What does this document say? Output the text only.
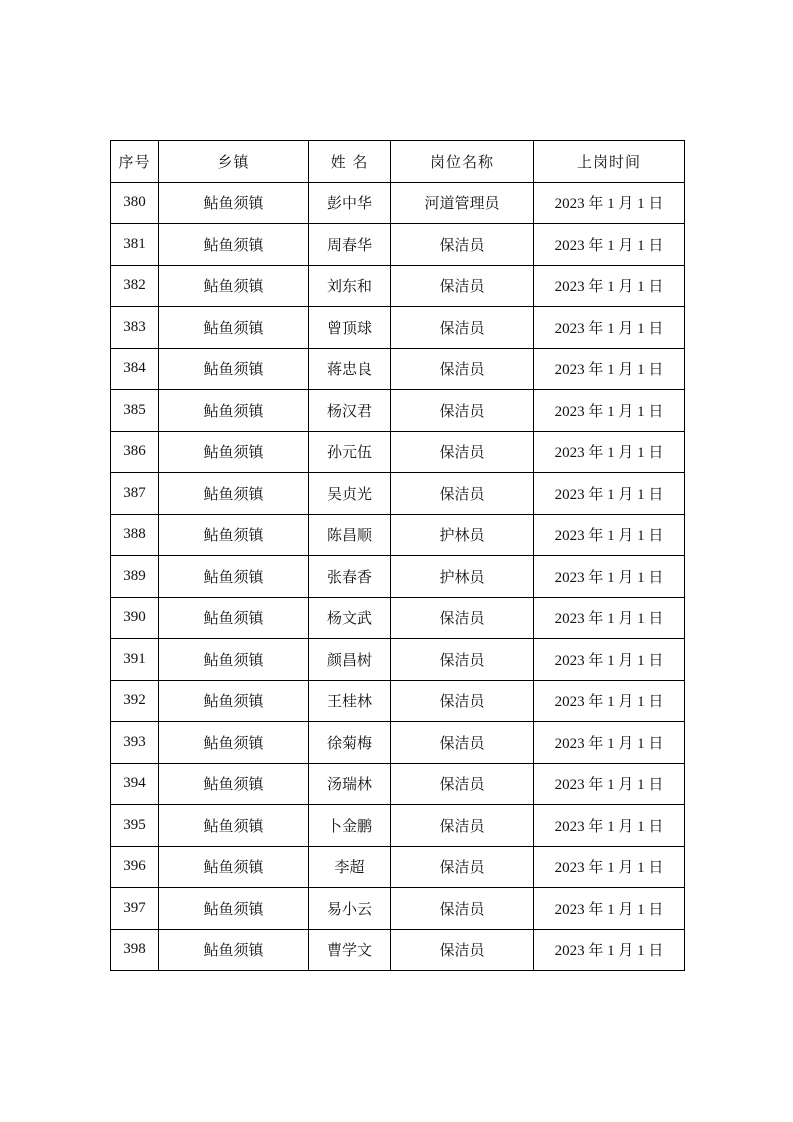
序号	乡镇	姓 名	岗位名称	上岗时间
380	鲇鱼须镇	彭中华	河道管理员	2023 年 1 月 1 日
381	鲇鱼须镇	周春华	保洁员	2023 年 1 月 1 日
382	鲇鱼须镇	刘东和	保洁员	2023 年 1 月 1 日
383	鲇鱼须镇	曾顶球	保洁员	2023 年 1 月 1 日
384	鲇鱼须镇	蒋忠良	保洁员	2023 年 1 月 1 日
385	鲇鱼须镇	杨汉君	保洁员	2023 年 1 月 1 日
386	鲇鱼须镇	孙元伍	保洁员	2023 年 1 月 1 日
387	鲇鱼须镇	吴贞光	保洁员	2023 年 1 月 1 日
388	鲇鱼须镇	陈昌顺	护林员	2023 年 1 月 1 日
389	鲇鱼须镇	张春香	护林员	2023 年 1 月 1 日
390	鲇鱼须镇	杨文武	保洁员	2023 年 1 月 1 日
391	鲇鱼须镇	颜昌树	保洁员	2023 年 1 月 1 日
392	鲇鱼须镇	王桂林	保洁员	2023 年 1 月 1 日
393	鲇鱼须镇	徐菊梅	保洁员	2023 年 1 月 1 日
394	鲇鱼须镇	汤瑞林	保洁员	2023 年 1 月 1 日
395	鲇鱼须镇	卜金鹏	保洁员	2023 年 1 月 1 日
396	鲇鱼须镇	李超	保洁员	2023 年 1 月 1 日
397	鲇鱼须镇	易小云	保洁员	2023 年 1 月 1 日
398	鲇鱼须镇	曹学文	保洁员	2023 年 1 月 1 日
